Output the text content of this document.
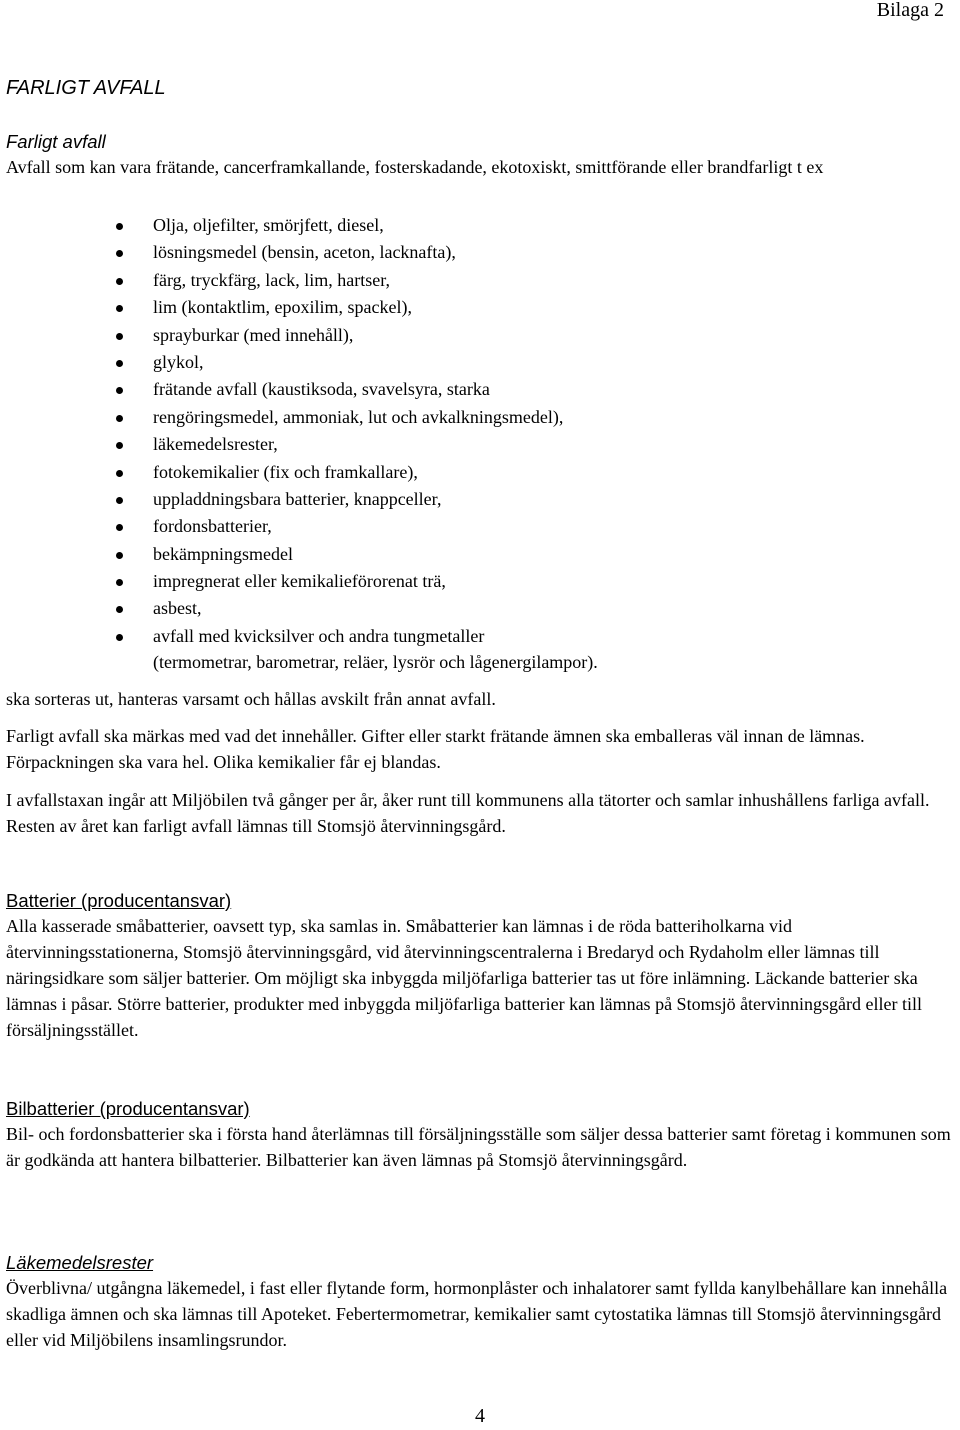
Bilaga 2
FARLIGT AVFALL
Farligt avfall

Avfall som kan vara frätande, cancerframkallande, fosterskadande, ekotoxiskt, smittförande eller brandfarligt t ex

Olja, oljefilter, smörjfett, diesel,
lösningsmedel (bensin, aceton, lacknafta),
färg, tryckfärg, lack, lim, hartser,
lim (kontaktlim, epoxilim, spackel),
sprayburkar (med innehåll),
glykol,
frätande avfall (kaustiksoda, svavelsyra, starka
rengöringsmedel, ammoniak, lut och avkalkningsmedel),
läkemedelsrester,
fotokemikalier (fix och framkallare),
uppladdningsbara batterier, knappceller,
fordonsbatterier,
bekämpningsmedel
impregnerat eller kemikalieförorenat trä,
asbest,
avfall med kvicksilver och andra tungmetaller
(termometrar, barometrar, reläer, lysrör och lågenergilampor).

ska sorteras ut, hanteras varsamt och hållas avskilt från annat avfall.

Farligt avfall ska märkas med vad det innehåller. Gifter eller starkt frätande ämnen ska emballeras väl innan de lämnas. Förpackningen ska vara hel. Olika kemikalier får ej blandas.

I avfallstaxan ingår att Miljöbilen två gånger per år, åker runt till kommunens alla tätorter och samlar inhushållens farliga avfall. Resten av året kan farligt avfall lämnas till Stomsjö återvinningsgård.

Batterier (producentansvar)

Alla kasserade småbatterier, oavsett typ, ska samlas in. Småbatterier kan lämnas i de röda batteriholkarna vid återvinningsstationerna, Stomsjö återvinningsgård, vid återvinningscentralerna i Bredaryd och Rydaholm eller lämnas till näringsidkare som säljer batterier. Om möjligt ska inbyggda miljöfarliga batterier tas ut före inlämning. Läckande batterier ska lämnas i påsar. Större batterier, produkter med inbyggda miljöfarliga batterier kan lämnas på Stomsjö återvinningsgård eller till försäljningsstället.

Bilbatterier (producentansvar)

Bil- och fordonsbatterier ska i första hand återlämnas till försäljningsställe som säljer dessa batterier samt företag i kommunen som är godkända att hantera bilbatterier. Bilbatterier kan även lämnas på Stomsjö återvinningsgård.

Läkemedelsrester

Överblivna/ utgångna läkemedel, i fast eller flytande form, hormonplåster och inhalatorer samt fyllda kanylbehållare kan innehålla skadliga ämnen och ska lämnas till Apoteket. Febertermometrar, kemikalier samt cytostatika lämnas till Stomsjö återvinningsgård eller vid Miljöbilens insamlingsrundor.

4
